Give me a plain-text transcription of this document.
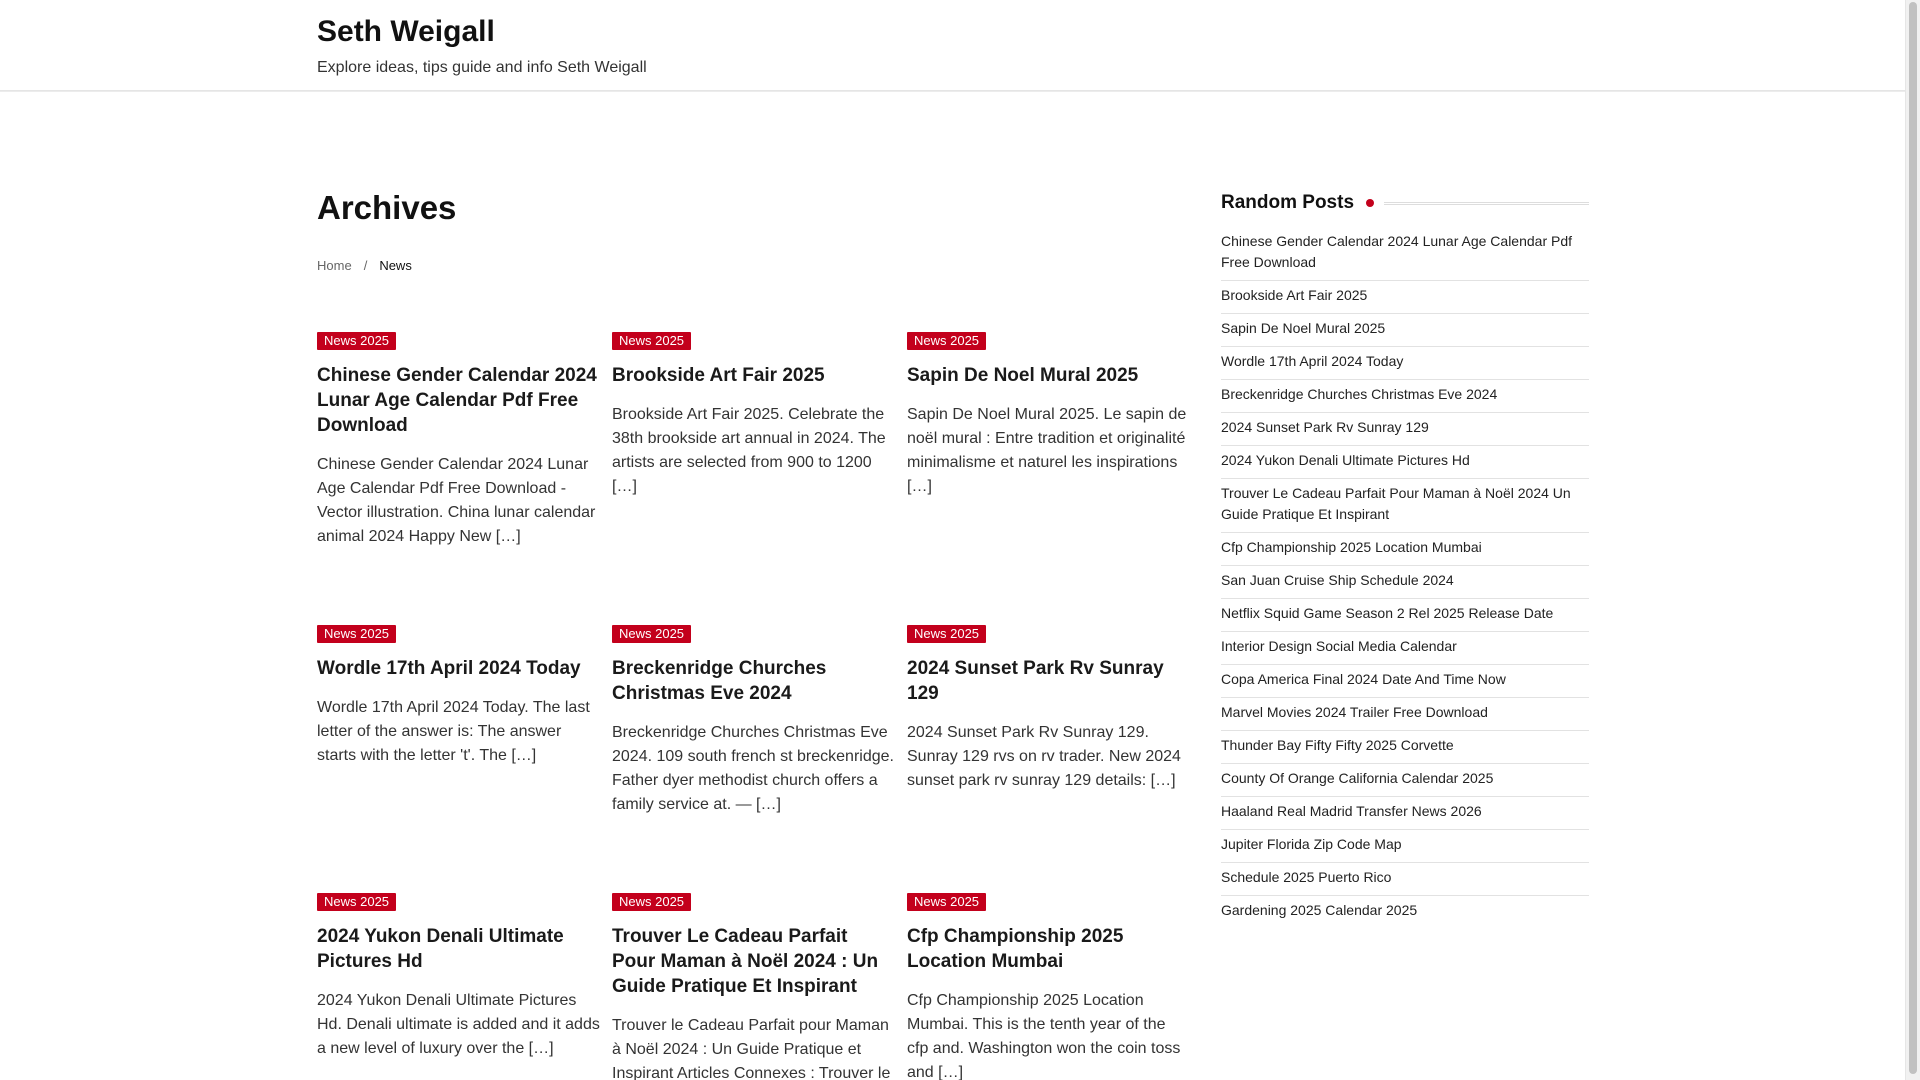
Seth Weigall
Explore ideas, tips guide and info Seth Weigall
Archives
Home / News
News 2025
Chinese Gender Calendar 2024 Lunar Age Calendar Pdf Free Download
Chinese Gender Calendar 2024 Lunar Age Calendar Pdf Free Download - Vector illustration. China lunar calendar animal 2024 Happy New […]
News 2025
Brookside Art Fair 2025
Brookside Art Fair 2025. Celebrate the 38th brookside art annual in 2024. The artists are selected from 900 to 1200 […]
News 2025
Sapin De Noel Mural 2025
Sapin De Noel Mural 2025. Le sapin de noël mural : Entre tradition et originalité minimalisme et naturel les inspirations […]
News 2025
Wordle 17th April 2024 Today
Wordle 17th April 2024 Today. The last letter of the answer is: The answer starts with the letter 't'. The […]
News 2025
Breckenridge Churches Christmas Eve 2024
Breckenridge Churches Christmas Eve 2024. 109 south french st breckenridge. Father dyer methodist church offers a family service at. — […]
News 2025
2024 Sunset Park Rv Sunray 129
2024 Sunset Park Rv Sunray 129. Sunray 129 rvs on rv trader. New 2024 sunset park rv sunray 129 details: […]
News 2025
2024 Yukon Denali Ultimate Pictures Hd
2024 Yukon Denali Ultimate Pictures Hd. Denali ultimate is added and it adds a new level of luxury over the […]
News 2025
Trouver Le Cadeau Parfait Pour Maman à Noël 2024 : Un Guide Pratique Et Inspirant
Trouver le Cadeau Parfait pour Maman à Noël 2024 : Un Guide Pratique et Inspirant Articles Connexes : Trouver le
News 2025
Cfp Championship 2025 Location Mumbai
Cfp Championship 2025 Location Mumbai. This is the tenth year of the cfp and. Washington won the coin toss and […]
Random Posts
Chinese Gender Calendar 2024 Lunar Age Calendar Pdf Free Download
Brookside Art Fair 2025
Sapin De Noel Mural 2025
Wordle 17th April 2024 Today
Breckenridge Churches Christmas Eve 2024
2024 Sunset Park Rv Sunray 129
2024 Yukon Denali Ultimate Pictures Hd
Trouver Le Cadeau Parfait Pour Maman à Noël 2024 Un Guide Pratique Et Inspirant
Cfp Championship 2025 Location Mumbai
San Juan Cruise Ship Schedule 2024
Netflix Squid Game Season 2 Rel 2025 Release Date
Interior Design Social Media Calendar
Copa America Final 2024 Date And Time Now
Marvel Movies 2024 Trailer Free Download
Thunder Bay Fifty Fifty 2025 Corvette
County Of Orange California Calendar 2025
Haaland Real Madrid Transfer News 2026
Jupiter Florida Zip Code Map
Schedule 2025 Puerto Rico
Gardening 2025 Calendar 2025
